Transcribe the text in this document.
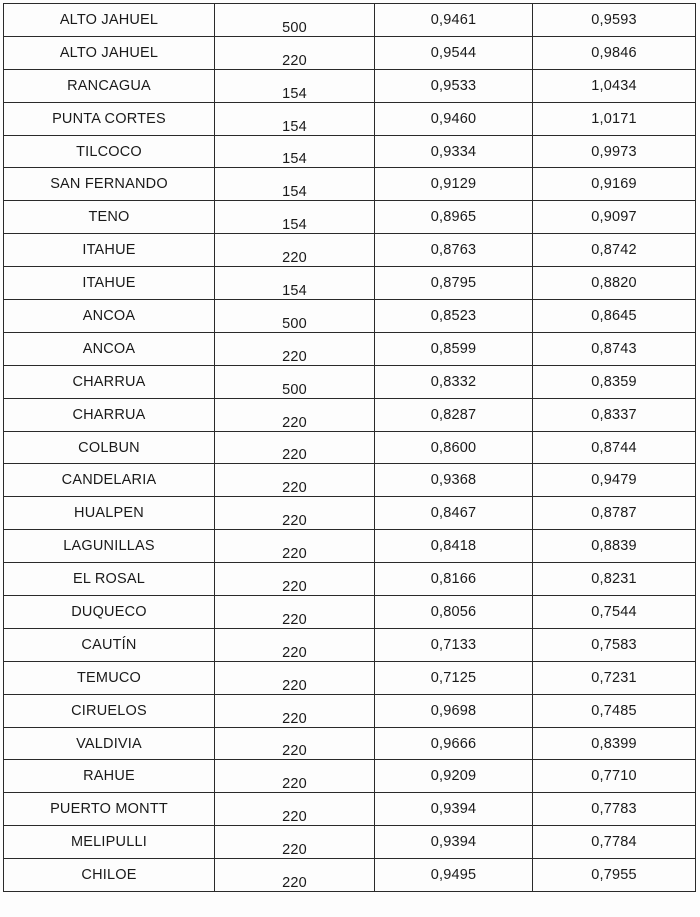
ALTO JAHUEL	500	0,9461	0,9593
ALTO JAHUEL	220	0,9544	0,9846
RANCAGUA	154	0,9533	1,0434
PUNTA CORTES	154	0,9460	1,0171
TILCOCO	154	0,9334	0,9973
SAN FERNANDO	154	0,9129	0,9169
TENO	154	0,8965	0,9097
ITAHUE	220	0,8763	0,8742
ITAHUE	154	0,8795	0,8820
ANCOA	500	0,8523	0,8645
ANCOA	220	0,8599	0,8743
CHARRUA	500	0,8332	0,8359
CHARRUA	220	0,8287	0,8337
COLBUN	220	0,8600	0,8744
CANDELARIA	220	0,9368	0,9479
HUALPEN	220	0,8467	0,8787
LAGUNILLAS	220	0,8418	0,8839
EL ROSAL	220	0,8166	0,8231
DUQUECO	220	0,8056	0,7544
CAUTÍN	220	0,7133	0,7583
TEMUCO	220	0,7125	0,7231
CIRUELOS	220	0,9698	0,7485
VALDIVIA	220	0,9666	0,8399
RAHUE	220	0,9209	0,7710
PUERTO MONTT	220	0,9394	0,7783
MELIPULLI	220	0,9394	0,7784
CHILOE	220	0,9495	0,7955
